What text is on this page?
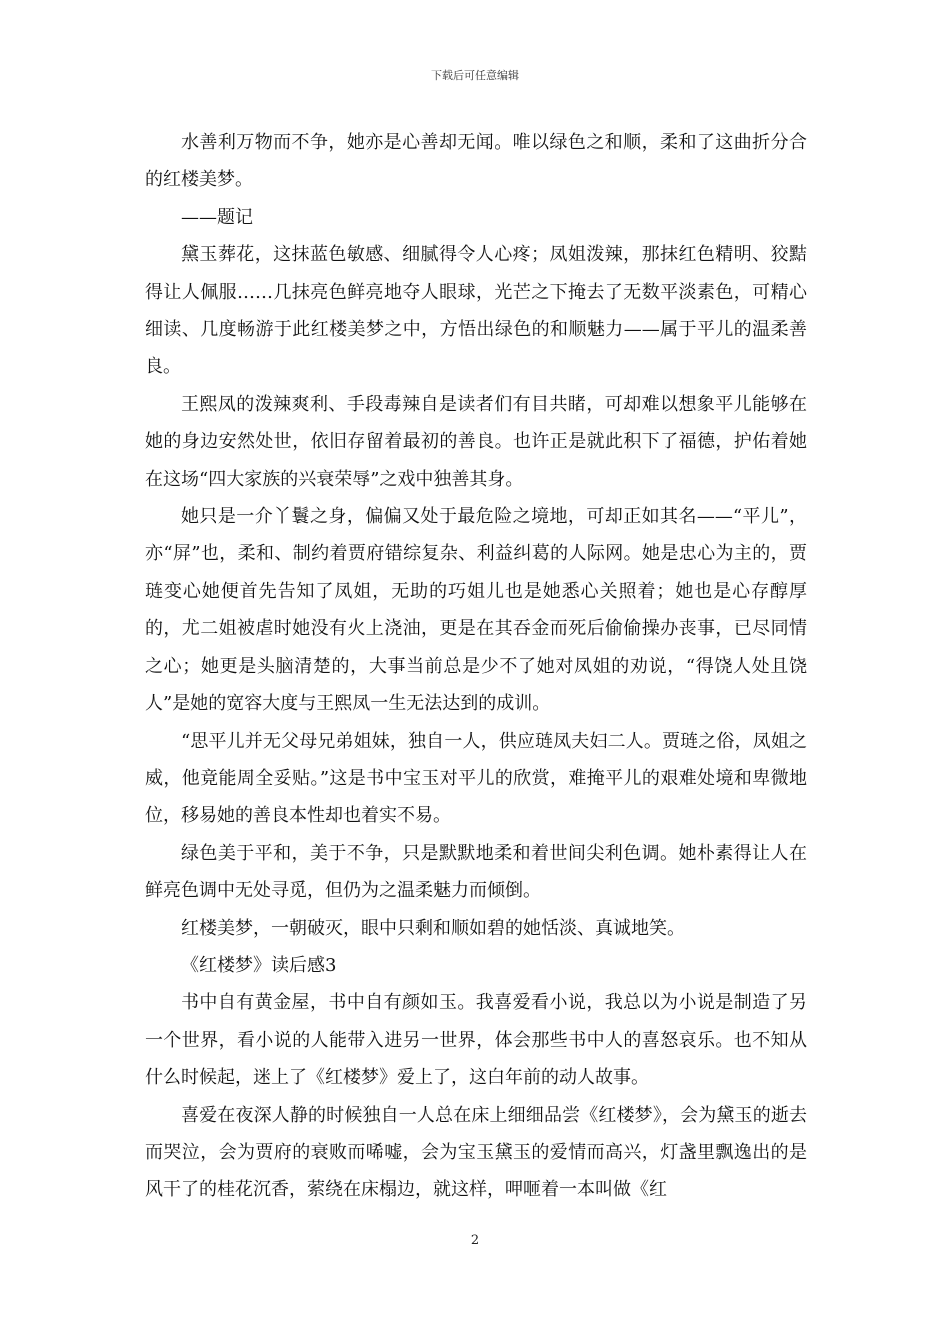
下载后可任意编辑

水善利万物而不争，她亦是心善却无闻。唯以绿色之和顺，柔和了这曲折分合的红楼美梦。

——题记

黛玉葬花，这抹蓝色敏感、细腻得令人心疼；凤姐泼辣，那抹红色精明、狡黠得让人佩服……几抹亮色鲜亮地夺人眼球，光芒之下掩去了无数平淡素色，可精心细读、几度畅游于此红楼美梦之中，方悟出绿色的和顺魅力——属于平儿的温柔善良。

王熙凤的泼辣爽利、手段毒辣自是读者们有目共睹，可却难以想象平儿能够在她的身边安然处世，依旧存留着最初的善良。也许正是就此积下了福德，护佑着她在这场“四大家族的兴衰荣辱”之戏中独善其身。

她只是一介丫鬟之身，偏偏又处于最危险之境地，可却正如其名——“平儿”，亦“屏”也，柔和、制约着贾府错综复杂、利益纠葛的人际网。她是忠心为主的，贾琏变心她便首先告知了凤姐，无助的巧姐儿也是她悉心关照着；她也是心存醇厚的，尤二姐被虐时她没有火上浇油，更是在其吞金而死后偷偷操办丧事，已尽同情之心；她更是头脑清楚的，大事当前总是少不了她对凤姐的劝说，“得饶人处且饶人”是她的宽容大度与王熙凤一生无法达到的成训。

“思平儿并无父母兄弟姐妹，独自一人，供应琏凤夫妇二人。贾琏之俗，凤姐之威，他竟能周全妥贴。”这是书中宝玉对平儿的欣赏，难掩平儿的艰难处境和卑微地位，移易她的善良本性却也着实不易。

绿色美于平和，美于不争，只是默默地柔和着世间尖利色调。她朴素得让人在鲜亮色调中无处寻觅，但仍为之温柔魅力而倾倒。

红楼美梦，一朝破灭，眼中只剩和顺如碧的她恬淡、真诚地笑。

《红楼梦》读后感3

书中自有黄金屋，书中自有颜如玉。我喜爱看小说，我总以为小说是制造了另一个世界，看小说的人能带入进另一世界，体会那些书中人的喜怒哀乐。也不知从什么时候起，迷上了《红楼梦》爱上了，这白年前的动人故事。

喜爱在夜深人静的时候独自一人总在床上细细品尝《红楼梦》，会为黛玉的逝去而哭泣，会为贾府的衰败而唏嘘，会为宝玉黛玉的爱情而高兴，灯盏里飘逸出的是风干了的桂花沉香，萦绕在床榻边，就这样，呷咂着一本叫做《红

2
